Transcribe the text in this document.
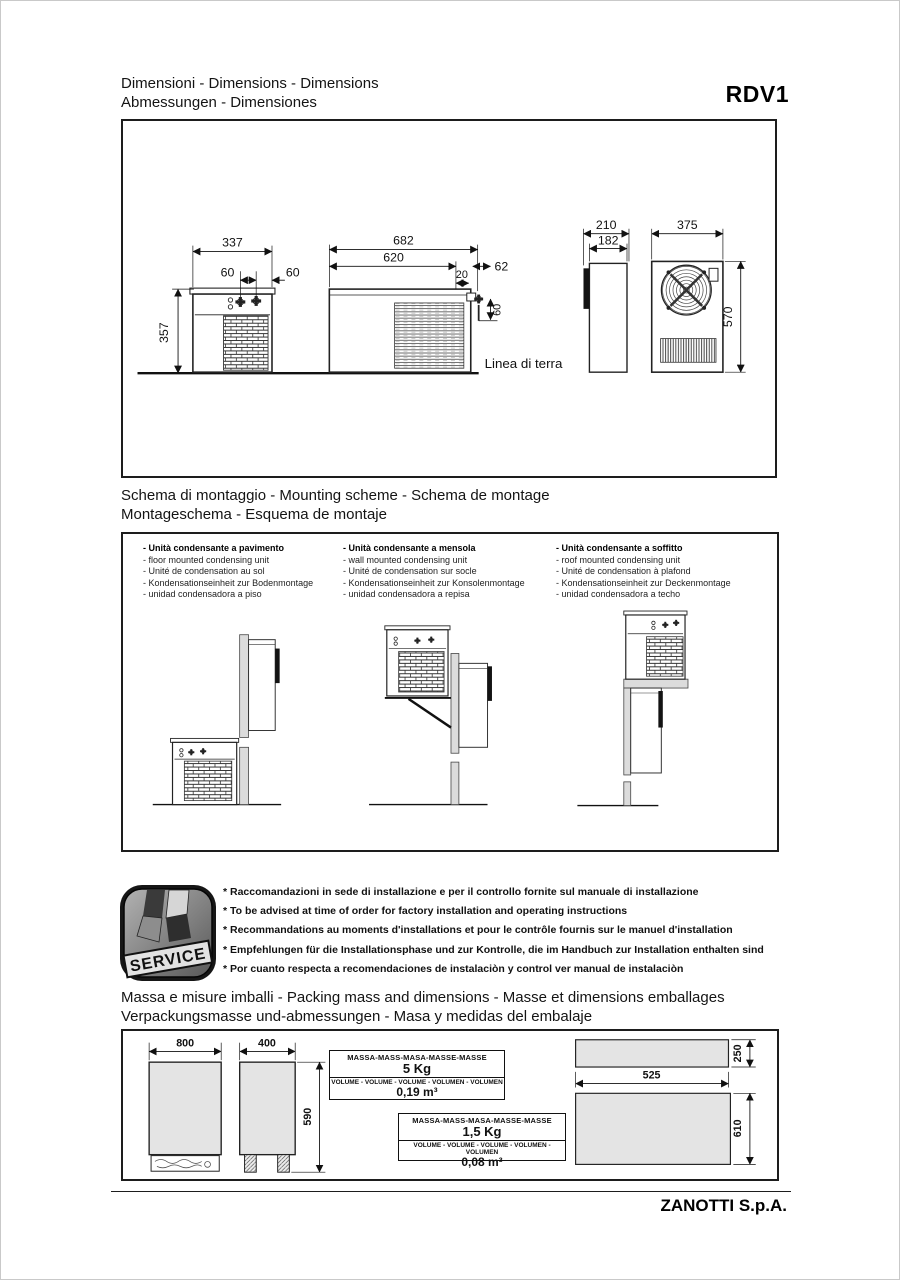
Dimensioni - Dimensions - Dimensions
Abmessungen - Dimensiones	RDV1
Linea di terra
337
60	60
357
682
620
20
62
60
210
182
375
570
Schema di montaggio - Mounting scheme - Schema de montage
Montageschema - Esquema de montaje
- Unità condensante a pavimento
- floor mounted condensing unit
- Unité de condensation au sol
- Kondensationseinheit zur Bodenmontage
- unidad condensadora a piso
- Unità condensante a mensola
- wall mounted condensing unit
- Unité de condensation sur socle
- Kondensationseinheit zur Konsolenmontage
- unidad condensadora a repisa
- Unità condensante a soffitto
- roof mounted condensing unit
- Unité de condensation à plafond
- Kondensationseinheit zur Deckenmontage
- unidad condensadora a techo
SERVICE
* Raccomandazioni in sede di installazione e per il controllo fornite sul manuale di installazione
* To be advised at time of order for factory installation and operating instructions
* Recommandations au moments d'installations et pour le contrôle fournis sur le manuel d'installation
* Empfehlungen für die Installationsphase und zur Kontrolle, die im Handbuch zur Installation enthalten sind
* Por cuanto respecta a recomendaciones de instalaciòn y control ver manual de instalaciòn
Massa e misure imballi - Packing mass and dimensions - Masse et dimensions emballages
Verpackungsmasse und-abmessungen - Masa y medidas del embalaje
800	400
590
250
525
610
MASSA-MASS-MASA-MASSE-MASSE
5 Kg
VOLUME - VOLUME - VOLUME - VOLUMEN - VOLUMEN
0,19 m³
MASSA-MASS-MASA-MASSE-MASSE
1,5 Kg
VOLUME - VOLUME - VOLUME - VOLUMEN - VOLUMEN
0,08 m³
ZANOTTI S.p.A.
